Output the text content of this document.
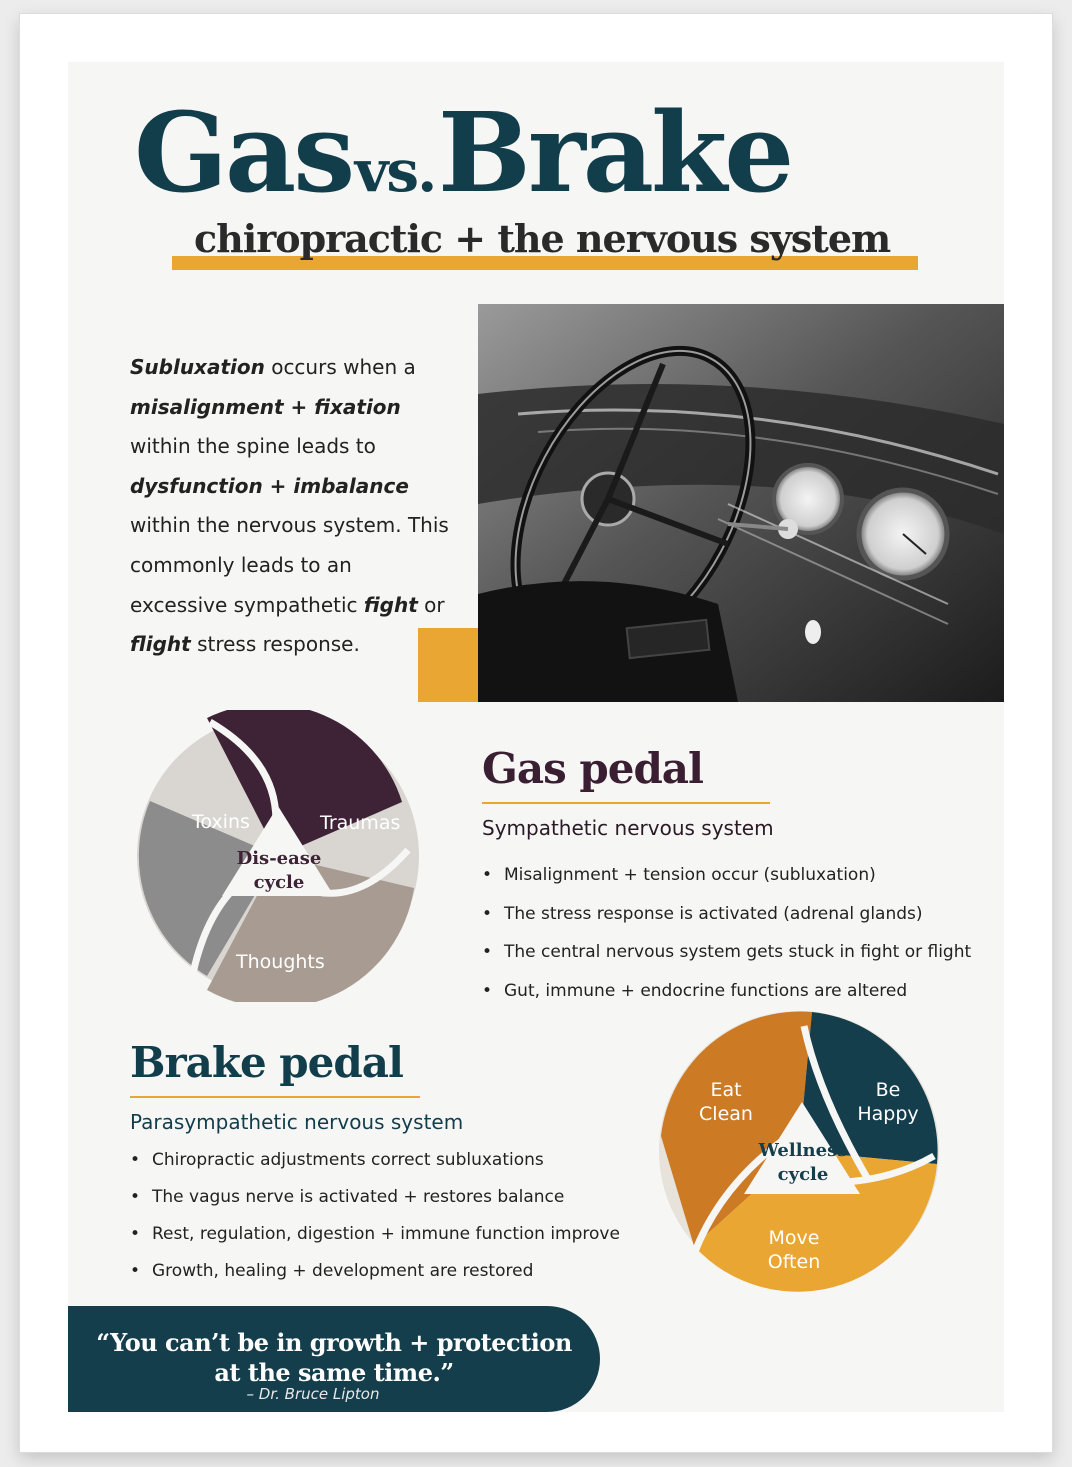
Gas vs. Brake
chiropractic + the nervous system
Subluxation occurs when a misalignment + fixation within the spine leads to dysfunction + imbalance within the nervous system. This commonly leads to an excessive sympathetic fight or flight stress response.
Toxins	Traumas
Thoughts
Dis-ease
cycle
Gas pedal
Sympathetic nervous system
• Misalignment + tension occur (subluxation)
• The stress response is activated (adrenal glands)
• The central nervous system gets stuck in fight or flight
• Gut, immune + endocrine functions are altered
Brake pedal
Parasympathetic nervous system
• Chiropractic adjustments correct subluxations
• The vagus nerve is activated + restores balance
• Rest, regulation, digestion + immune function improve
• Growth, healing + development are restored
Eat
Clean
Be
Happy
Move
Often
Wellness
cycle
“You can’t be in growth + protection
at the same time.”
– Dr. Bruce Lipton
